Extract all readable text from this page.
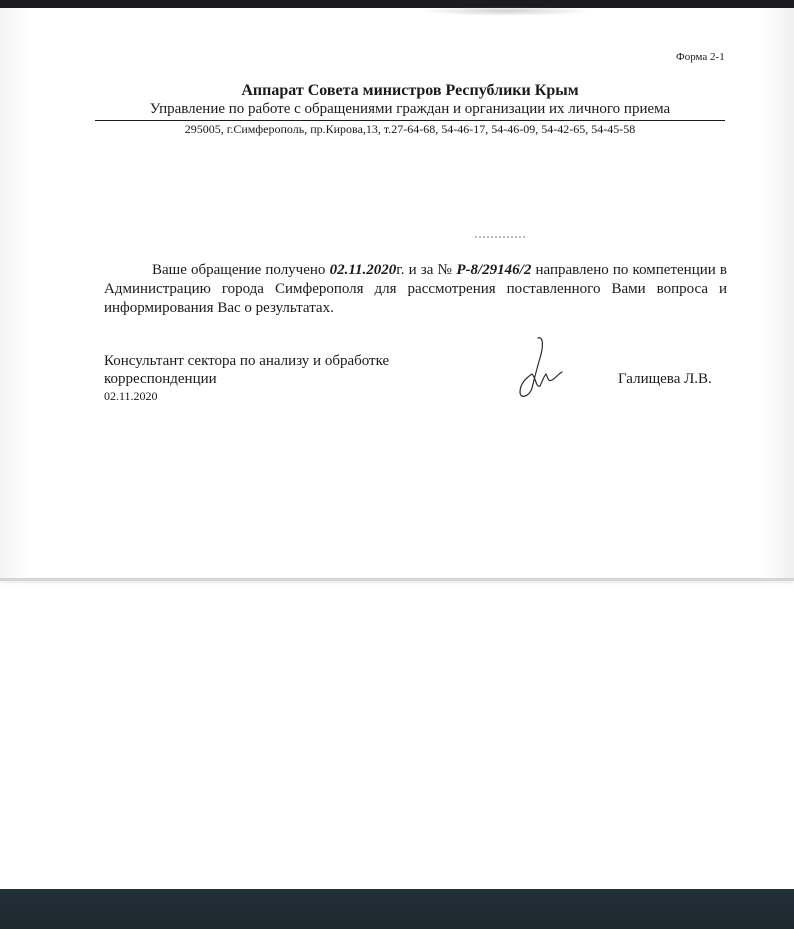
Форма 2-1
Аппарат Совета министров Республики Крым
Управление по работе с обращениями граждан и организации их личного приема
295005, г.Симферополь, пр.Кирова,13, т.27-64-68, 54-46-17, 54-46-09, 54-42-65, 54-45-58
Ваше обращение получено 02.11.2020г. и за № Р-8/29146/2 направлено по компетенции в Администрацию города Симферополя для рассмотрения поставленного Вами вопроса и информирования Вас о результатах.
Консультант сектора по анализу и обработке корреспонденции
02.11.2020
Галищева Л.В.
